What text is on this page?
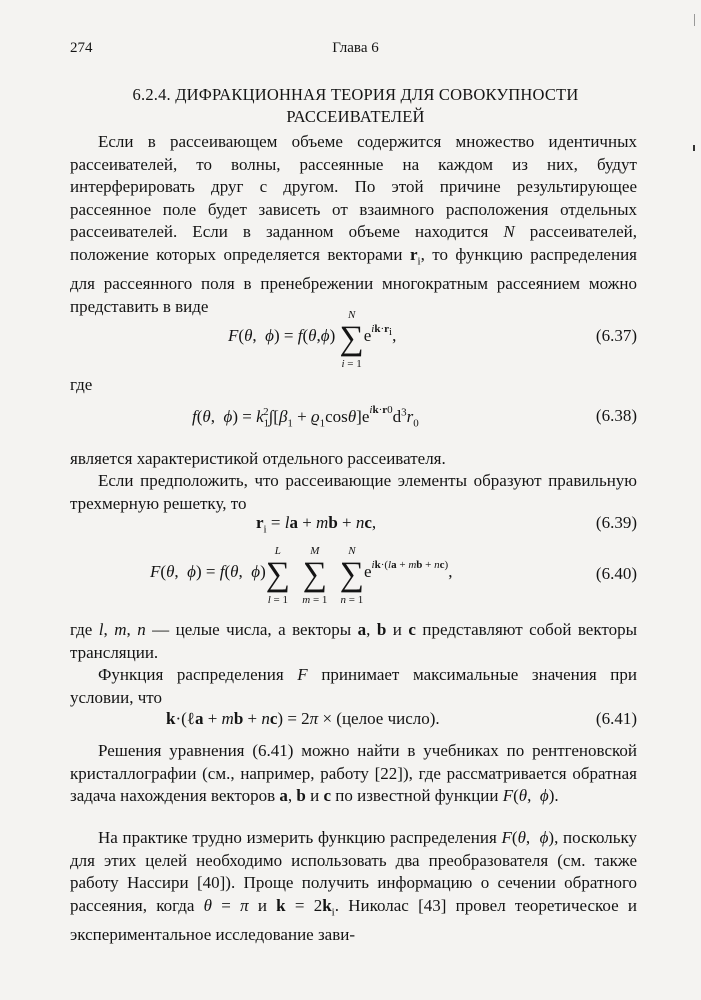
274	Глава 6
6.2.4. ДИФРАКЦИОННАЯ ТЕОРИЯ ДЛЯ СОВОКУПНОСТИ
РАССЕИВАТЕЛЕЙ
Если в рассеивающем объеме содержится множество идентичных рассеивателей, то волны, рассеянные на каждом из них, будут интерферировать друг с другом. По этой причине результирующее рассеянное поле будет зависеть от взаимного расположения отдельных рассеивателей. Если в заданном объеме находится N рассеивателей, положение которых определяется векторами $r_i$, то функцию распределения для рассеянного поля в пренебрежении многократным рассеянием можно представить в виде
F(θ,  ϕ) = f(θ,ϕ) ∑
N
i = 1
$e^{ik\cdot r_i}$,	(6.37)
где
f(θ,  $\phi) = k_1^2\int[\beta_1 + ϱ_1\cos\theta]e^{ik\cdot r0}d^3r_0$	(6.38)
является характеристикой отдельного рассеивателя.
Если предположить, что рассеивающие элементы образуют правильную трехмерную решетку, то
$r_i$ = la + mb + nc,	(6.39)
F(θ,  ϕ) = f(θ,  ϕ)∑
L
l = 1
∑
M
m = 1
∑
N
n = 1
$e^{ik\cdot(la + mb + nc)}$,	(6.40)
где l, m, n — целые числа, а векторы a, b и c представляют собой векторы трансляции.
Функция распределения F принимает максимальные значения при условии, что
k·(ℓa + mb + nc) = 2π × (целое число).	(6.41)
Решения уравнения (6.41) можно найти в учебниках по рентгеновской кристаллографии (см., например, работу [22]), где рассматривается обратная задача нахождения векторов a, b и c по известной функции F(θ,  ϕ).
На практике трудно измерить функцию распределения F(θ,  ϕ), поскольку для этих целей необходимо использовать два преобразователя (см. также работу Нассири [40]). Проще получить информацию о сечении обратного рассеяния, когда θ = π и $k = 2k_i$. Николас [43] провел теоретическое и экспериментальное исследование зави-
